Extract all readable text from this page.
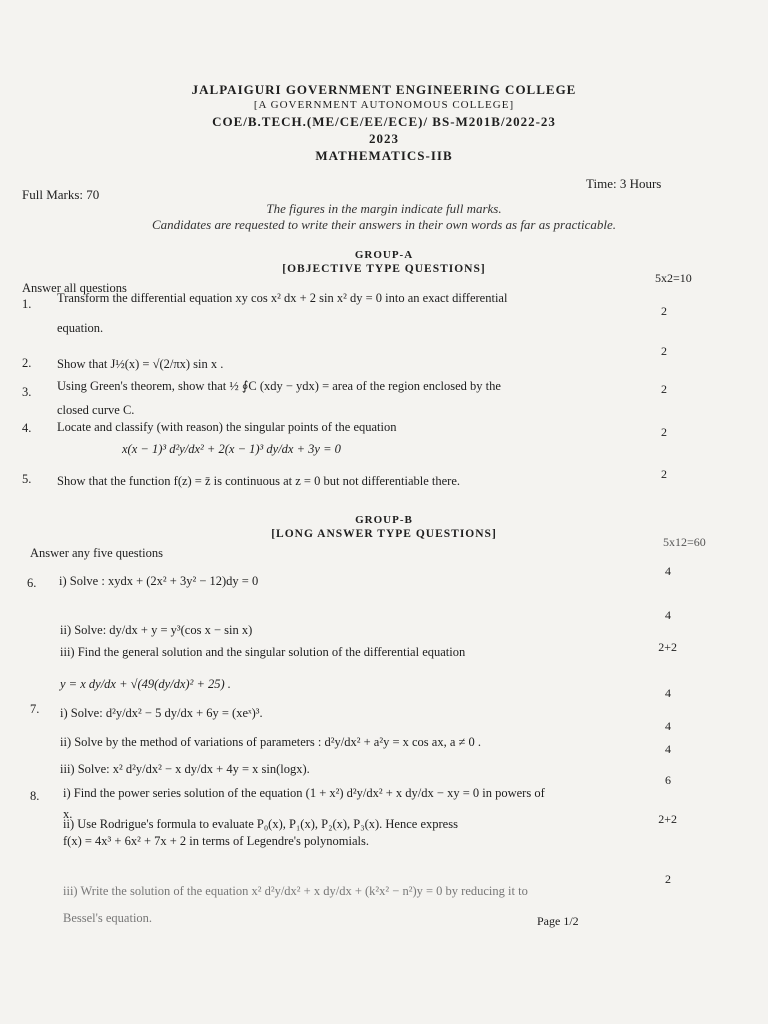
JALPAIGURI GOVERNMENT ENGINEERING COLLEGE
[A GOVERNMENT AUTONOMOUS COLLEGE]
COE/B.TECH.(ME/CE/EE/ECE)/ BS-M201B/2022-23
2023
MATHEMATICS-IIB
Time: 3 Hours
Full Marks: 70
The figures in the margin indicate full marks.
Candidates are requested to write their answers in their own words as far as practicable.
GROUP-A
[OBJECTIVE TYPE QUESTIONS]
5x2=10
Answer all questions
1. Transform the differential equation xy cos x² dx + 2 sin x² dy = 0 into an exact differential
equation.
2
2. Show that J½(x) = √(2/πx) sin x .
2
3. Using Green's theorem, show that ½ ∮C (xdy − ydx) = area of the region enclosed by the
closed curve C.
2
4. Locate and classify (with reason) the singular points of the equation
x(x − 1)³ d²y/dx² + 2(x − 1)³ dy/dx + 3y = 0
2
5. Show that the function f(z) = z̄ is continuous at z = 0 but not differentiable there.	2
GROUP-B
[LONG ANSWER TYPE QUESTIONS]
5x12=60
Answer any five questions
6. i) Solve : xydx + (2x² + 3y² − 12)dy = 0
4
ii) Solve: dy/dx + y = y³(cos x − sin x)
4
iii) Find the general solution and the singular solution of the differential equation	2+2
y = x dy/dx + √(49(dy/dx)² + 25) .
7. i) Solve: d²y/dx² − 5 dy/dx + 6y = (xeˣ)³.
4
ii) Solve by the method of variations of parameters : d²y/dx² + a²y = x cos ax, a ≠ 0 .
4
iii) Solve: x² d²y/dx² − x dy/dx + 4y = x sin(logx).
4
8. i) Find the power series solution of the equation (1 + x²) d²y/dx² + x dy/dx − xy = 0 in powers of
x.
6
ii) Use Rodrigue's formula to evaluate P₀(x), P₁(x), P₂(x), P₃(x). Hence express
f(x) = 4x³ + 6x² + 7x + 2 in terms of Legendre's polynomials.
2+2
iii) Write the solution of the equation x² d²y/dx² + x dy/dx + (k²x² − n²)y = 0 by reducing it to
Bessel's equation.
2
Page 1/2
